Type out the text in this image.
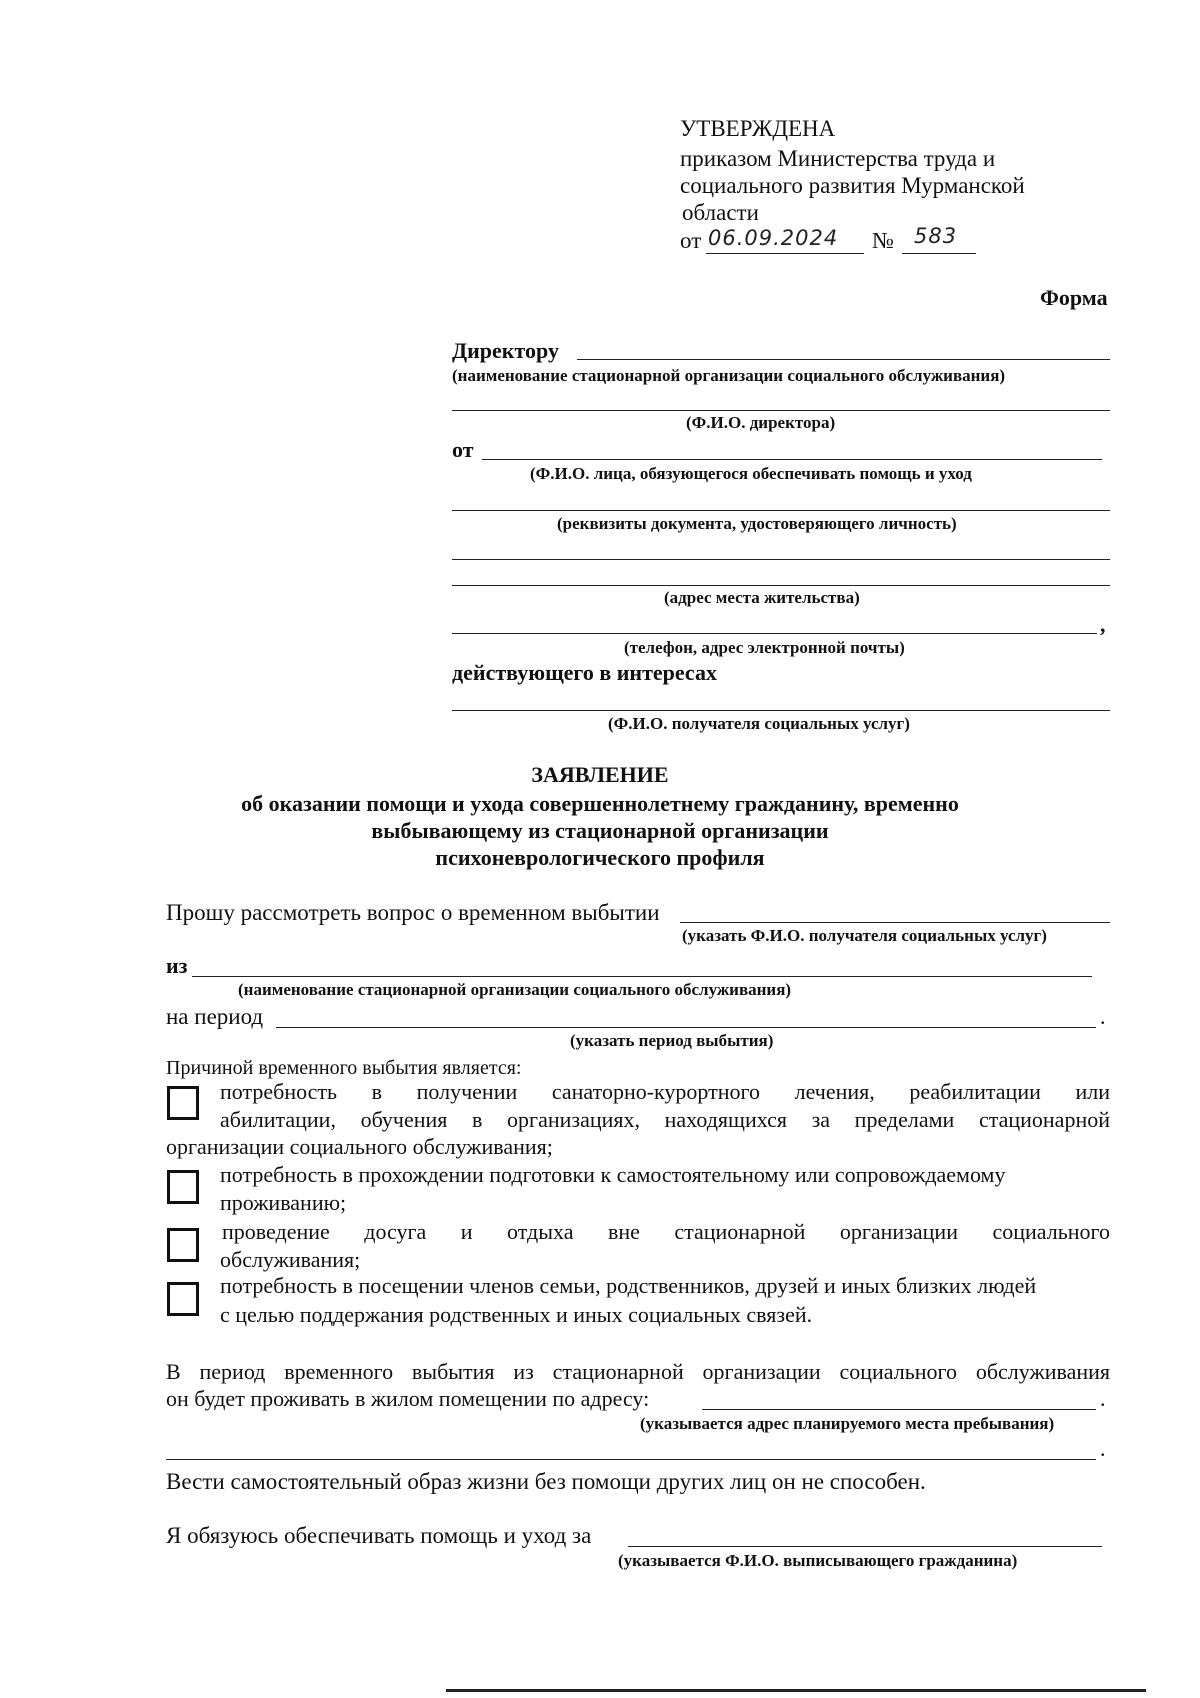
УТВЕРЖДЕНА
приказом Министерства труда и
социального развития Мурманской
области
от 06.09.2024 № 583
Форма
Директору
(наименование стационарной организации социального обслуживания)
(Ф.И.О. директора)
от
(Ф.И.О. лица, обязующегося обеспечивать помощь и уход
(реквизиты документа, удостоверяющего личность)
(адрес места жительства)
,
(телефон, адрес электронной почты)
действующего в интересах
(Ф.И.О. получателя социальных услуг)
ЗАЯВЛЕНИЕ
об оказании помощи и ухода совершеннолетнему гражданину, временно
выбывающему из стационарной организации
психоневрологического профиля
Прошу рассмотреть вопрос о временном выбытии
(указать Ф.И.О. получателя социальных услуг)
из
(наименование стационарной организации социального обслуживания)
на период	.
(указать период выбытия)
Причиной временного выбытия является:
потребность в получении санаторно-курортного лечения, реабилитации или
абилитации, обучения в организациях, находящихся за пределами стационарной
организации социального обслуживания;
потребность в прохождении подготовки к самостоятельному или сопровождаемому
проживанию;
проведение досуга и отдыха вне стационарной организации социального
обслуживания;
потребность в посещении членов семьи, родственников, друзей и иных близких людей
с целью поддержания родственных и иных социальных связей.
В период временного выбытия из стационарной организации социального обслуживания
он будет проживать в жилом помещении по адресу:	.
(указывается адрес планируемого места пребывания)
.
Вести самостоятельный образ жизни без помощи других лиц он не способен.
Я обязуюсь обеспечивать помощь и уход за
(указывается Ф.И.О. выписывающего гражданина)
